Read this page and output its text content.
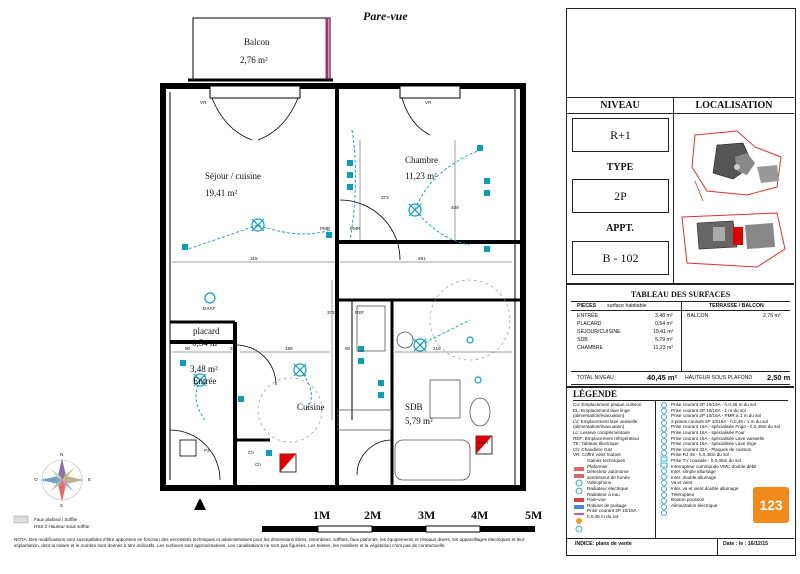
Pare-vue
Balcon
2,76 m²
Séjour / cuisine
19,41 m²
Chambre
11,23 m²
placard
0,54 m²
3,48 m²
Entrée
Cuisine	SDB
5,79 m²
VR	VR
PMR	PMR
DAAF
P2	Ch
REF
Ch
CCH
315	281
373
409
188	218
90	31	60
127	117
373
N
S
E
O
1M	2M	3M	4M	5M
Faux plafond / Soffite
HSS ≠ Hauteur sous soffite
NOTA: Des modifications sont susceptibles d'être apportées en fonction des nécessités techniques et administratives pour les dimensions libres, retombées, soffites, faux plafonds, les équipements et réseaux divers, les appareillages électriques et leur implantation, dont la nature et le nombre sont donnés à titre indicatifs. Les surfaces sont approximatives. Les canalisations ne sont pas figurées. Les teintes, les mobiliers et la végétation n'ont pas de contractuelle.
NIVEAU	LOCALISATION
R+1
TYPE
2P
APPT.
B - 102
TABLEAU DES SURFACES
PIECES surface habitable	TERRASSE / BALCON
ENTRÉE	3,48 m²
PLACARD	0,54 m²
SÉJOUR/CUISINE	19,41 m²
SDB	5,79 m²
CHAMBRE	11,23 m²
BALCON	2,76 m²
TOTAL NIVEAU	40,45 m² HAUTEUR SOUS PLAFOND 2,50 m
LÉGENDE
Cu: Emplacement plaque cuisson
EL: Emplacement lave linge
(alimentation/évacuation)
LV: Emplacement lave vaisselle
(alimentation/évacuation)
Lc: Lessive complémentaire
REF: Emplacement réfrigérateur
TE: Tableau électrique
Ch: Chaudière Gaz
VR: Coffre volet roulant
Gaines techniques
Plafonnier
Détecteur autonome
avertisseur de fumée
Vidéophone
Radiateur électrique
Radiateur à eau
Pare-vue
Robinet de puisage
Prise courant 2P 10/16A - h.0,45 m du sol
Prise courant 2P 10/16A - h.0,45 m du sol
Prise courant 2P 10/16A - 1 m du sol
Prise courant 2P 10/16A - PMR à 1 m du sol
2 prises courant 2P 10/16A - h.0,45 / 1 m du sol
Prise courant 16A - spécialisée Frigo - h.0,45m du sol
Prise courant 16A - spécialisée Four
Prise courant 16A - spécialisée Lave vaisselle
Prise courant 16A - spécialisée Lave linge
Prise courant 32A - Plaques de cuisson
Prise RJ 45 - h.0,45m du sol
Prise TV coaxiale - h.0,45m du sol
Interrupteur commande VMC double débit
Inter. simple allumage
Inter. double allumage
Va et vient
Inter. va et vient double allumage
Télérupteur
Bouton poussoir
Alimentation électrique	123
INDICE: plans de vente	Date : le : 16/12/15
